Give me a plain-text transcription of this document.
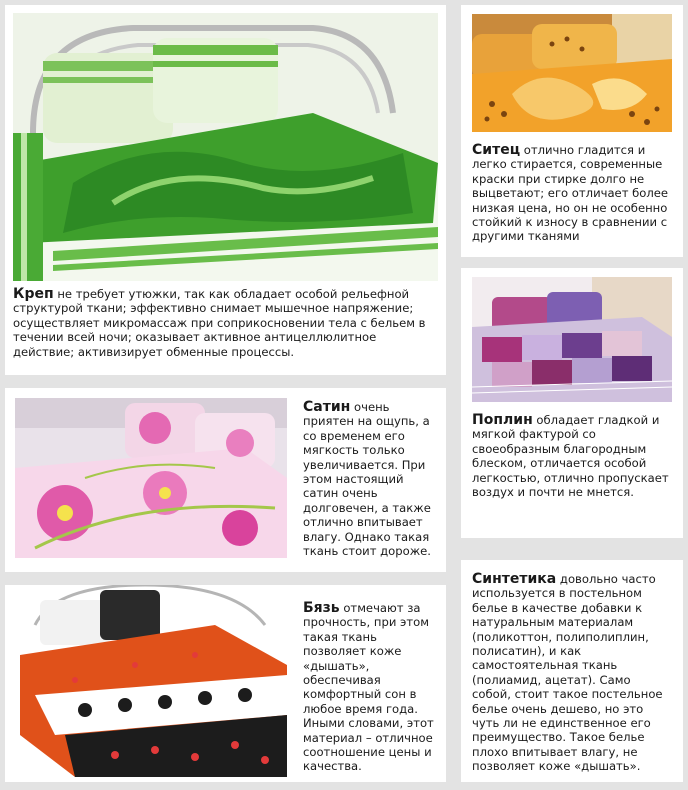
Креп не требует утюжки, так как обладает особой рельефной структурой ткани; эффективно снимает мышечное напряжение; осуществляет микромассаж при соприкосновении тела с бельем в течении всей ночи; оказывает активное антицеллюлитное действие; активизирует обменные процессы.
Ситец отлично гладится и легко стирается, современные краски при стирке долго не выцветают; его отличает более низкая цена, но он не особенно стойкий к износу в сравнении с другими тканями
Поплин обладает гладкой и мягкой фактурой со своеобразным благородным блеском, отличается особой легкостью, отлично пропускает воздух и почти не мнется.
Сатин очень приятен на ощупь, а со временем его мягкость только увеличивается. При этом настоящий сатин очень долговечен, а также отлично впитывает влагу. Однако такая ткань стоит дороже.
Бязь отмечают за прочность, при этом такая ткань позволяет коже «дышать», обеспечивая комфортный сон в любое время года. Иными словами, этот материал – отличное соотношение цены и качества.
Синтетика довольно часто используется в постельном белье в качестве добавки к натуральным материалам (поликоттон, полиполиплин, полисатин), и как самостоятельная ткань (полиамид, ацетат). Само собой, стоит такое постельное белье очень дешево, но это чуть ли не единственное его преимущество. Такое белье плохо впитывает влагу, не позволяет коже «дышать».
